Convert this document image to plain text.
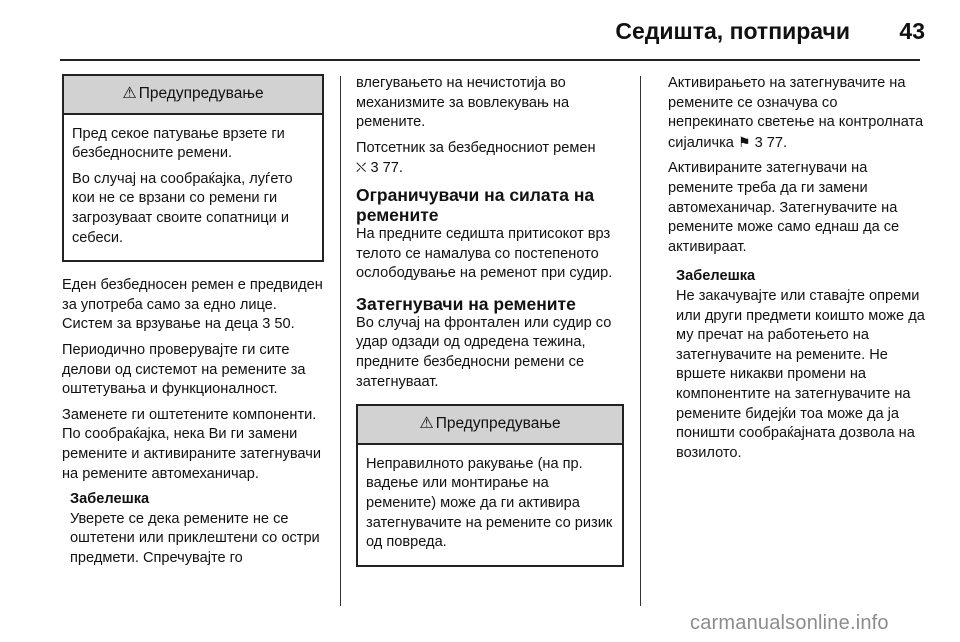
Седишта, потпирачи	43
⚠ Предупредување

Пред секое патување врзете ги безбедносните ремени.

Во случај на сообраќајка, луѓето кои не се врзани со ремени ги загрозуваат своите сопатници и себеси.

Еден безбедносен ремен е предвиден за употреба само за едно лице. Систем за врзување на деца 3 50.

Периодично проверувајте ги сите делови од системот на ремените за оштетувања и функционалност.

Заменете ги оштетените компоненти. По сообраќајка, нека Ви ги замени ремените и активираните затегнувачи на ремените автомеханичар.

Забелешка
Уверете се дека ремените не се оштетени или приклештени со остри предмети. Спречувајте го

влегувањето на нечистотија во механизмите за вовлекувањ на ремените.

Потсетник за безбедносниот ремен
⛌ 3 77.

Ограничувачи на силата на ремените

На предните седишта притисокот врз телото се намалува со постепеното ослободување на ременот при судир.

Затегнувачи на ремените

Во случај на фронтален или судир со удар одзади од одредена тежина, предните безбедносни ремени се затегнуваат.

⚠ Предупредување

Неправилното ракување (на пр. вадење или монтирање на ремените) може да ги активира затегнувачите на ремените со ризик од повреда.

Активирањето на затегнувачите на ремените се означува со непрекинато светење на контролната сијаличка ⚑ 3 77.

Активираните затегнувачи на ремените треба да ги замени автомеханичар. Затегнувачите на ремените може само еднаш да се активираат.

Забелешка
Не закачувајте или ставајте опреми или други предмети коишто може да му пречат на работењето на затегнувачите на ремените. Не вршете никакви промени на компонентите на затегнувачите на ремените бидејќи тоа може да ја поништи сообраќајната дозвола на возилото.
carmanualsonline.info
